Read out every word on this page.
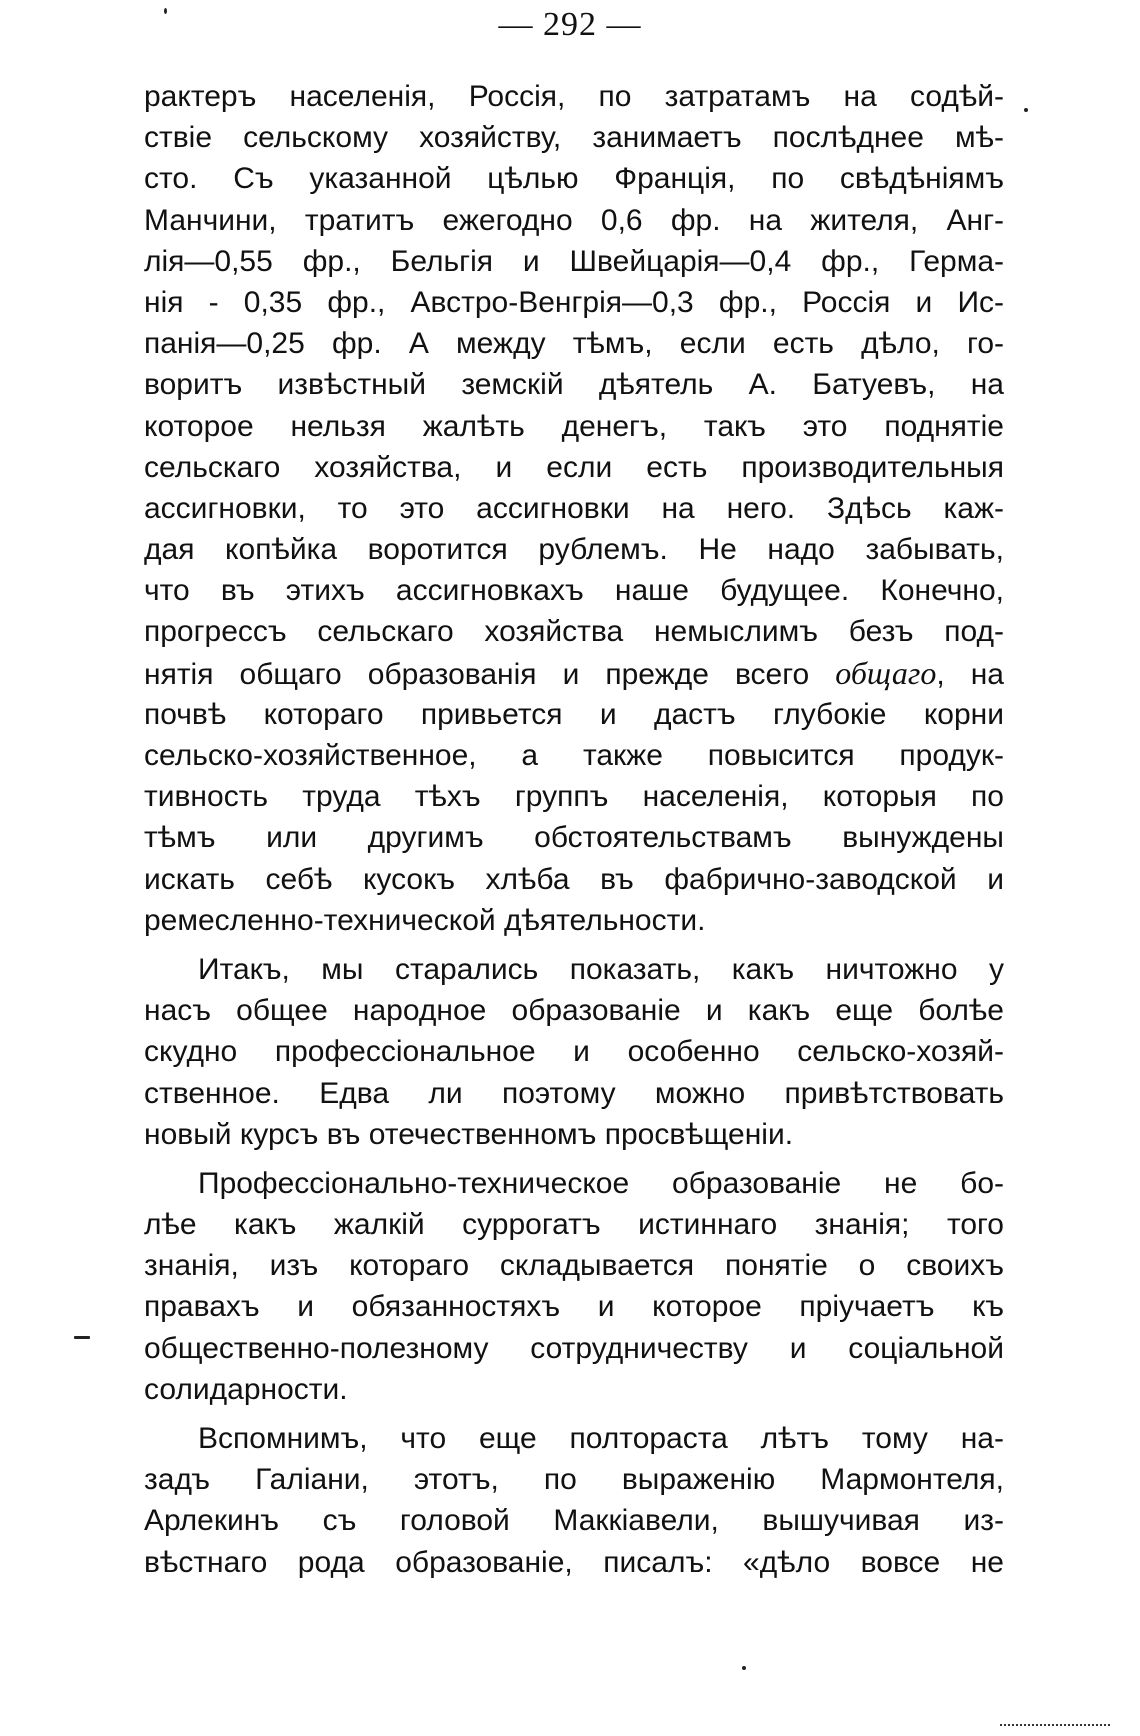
— 292 —
рактеръ населенія, Россія, по затратамъ на содѣй-
ствіе сельскому хозяйству, занимаетъ послѣднее мѣ-
сто. Съ указанной цѣлью Франція, по свѣдѣніямъ
Манчини, тратитъ ежегодно 0,6 фр. на жителя, Анг-
лія—0,55 фр., Бельгія и Швейцарія—0,4 фр., Герма-
нія - 0,35 фр., Австро-Венгрія—0,3 фр., Россія и Ис-
панія—0,25 фр. А между тѣмъ, если есть дѣло, го-
воритъ извѣстный земскій дѣятель А. Батуевъ, на
которое нельзя жалѣть денегъ, такъ это поднятіе
сельскаго хозяйства, и если есть производительныя
ассигновки, то это ассигновки на него. Здѣсь каж-
дая копѣйка воротится рублемъ. Не надо забывать,
что въ этихъ ассигновкахъ наше будущее. Конечно,
прогрессъ сельскаго хозяйства немыслимъ безъ под-
нятія общаго образованія и прежде всего общаго, на
почвѣ котораго привьется и дастъ глубокіе корни
сельско-хозяйственное, а также повысится продук-
тивность труда тѣхъ группъ населенія, которыя по
тѣмъ или другимъ обстоятельствамъ вынуждены
искать себѣ кусокъ хлѣба въ фабрично-заводской и
ремесленно-технической дѣятельности.
Итакъ, мы старались показать, какъ ничтожно у
насъ общее народное образованіе и какъ еще болѣе
скудно профессіональное и особенно сельско-хозяй-
ственное. Едва ли поэтому можно привѣтствовать
новый курсъ въ отечественномъ просвѣщеніи.
Профессіонально-техническое образованіе не бо-
лѣе какъ жалкій суррогатъ истиннаго знанія; того
знанія, изъ котораго складывается понятіе о своихъ
правахъ и обязанностяхъ и которое пріучаетъ къ
общественно-полезному сотрудничеству и соціальной
солидарности.
Вспомнимъ, что еще полтораста лѣтъ тому на-
задъ Галіани, этотъ, по выраженію Мармонтеля,
Арлекинъ съ головой Маккіавели, вышучивая из-
вѣстнаго рода образованіе, писалъ: «дѣло вовсе не
